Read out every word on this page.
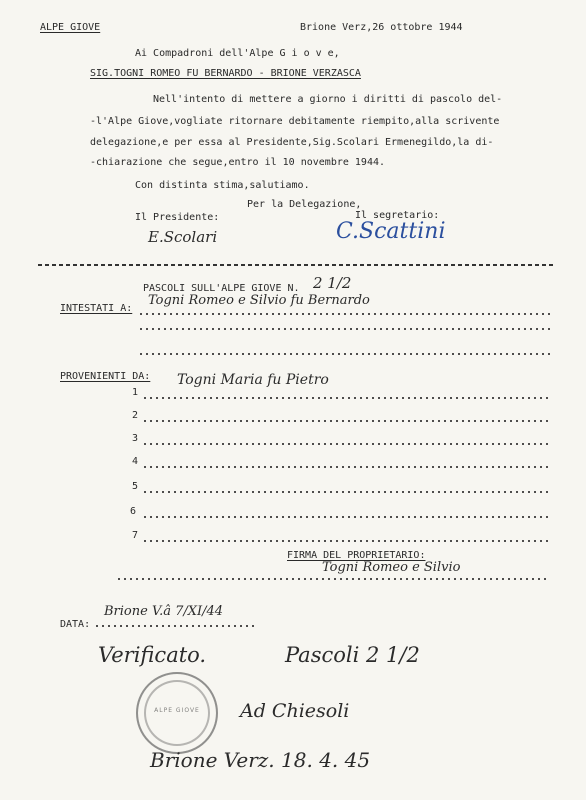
ALPE GIOVE	Brione Verz,26 ottobre 1944
Ai Compadroni dell'Alpe G i o v e,
SIG.TOGNI ROMEO FU BERNARDO - BRIONE VERZASCA
Nell'intento di mettere a giorno i diritti di pascolo del-
-l'Alpe Giove,vogliate ritornare debitamente riempito,alla scrivente
delegazione,e per essa al Presidente,Sig.Scolari Ermenegildo,la di-
-chiarazione che segue,entro il 10 novembre 1944.
Con distinta stima,salutiamo.
Per la Delegazione,
Il Presidente:	Il segretario:
E.Scolari	C.Scattini
PASCOLI SULL'ALPE GIOVE N. 2 1/2
INTESTATI A:
Togni Romeo e Silvio fu Bernardo
PROVENIENTI DA:
1
Togni Maria fu Pietro
2
3
4
5
6
7
FIRMA DEL PROPRIETARIO:
Togni Romeo e Silvio
DATA:
Brione V.â 7/XI/44
Verificato.	Pascoli 2 1/2
ALPE GIOVE	Ad Chiesoli
Brione Verz. 18. 4. 45
